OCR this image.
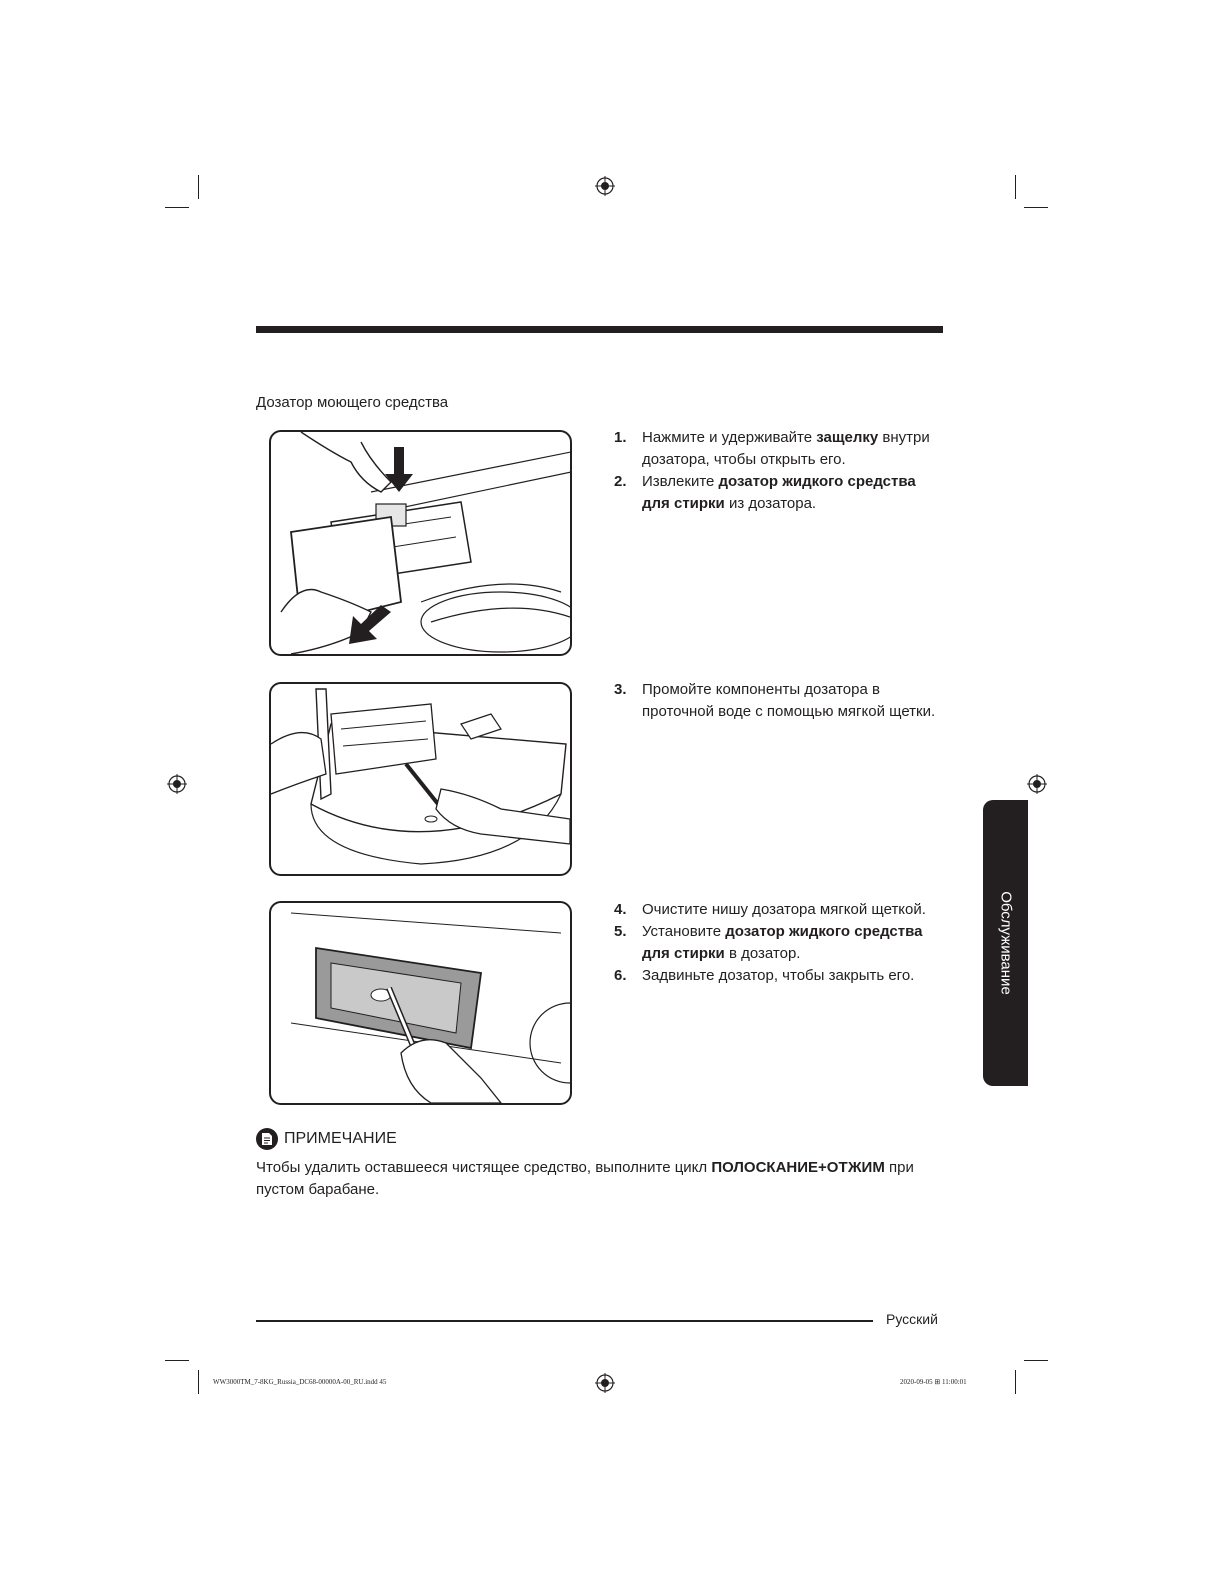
Дозатор моющего средства

1. Нажмите и удерживайте защелку внутри дозатора, чтобы открыть его.

2. Извлеките дозатор жидкого средства для стирки из дозатора.

3. Промойте компоненты дозатора в проточной воде с помощью мягкой щетки.

4. Очистите нишу дозатора мягкой щеткой.

5. Установите дозатор жидкого средства для стирки в дозатор.

6. Задвиньте дозатор, чтобы закрыть его.

ПРИМЕЧАНИЕ
Чтобы удалить оставшееся чистящее средство, выполните цикл ПОЛОСКАНИЕ+ОТЖИМ при пустом барабане.
Обслуживание
Русский
WW3000TM_7-8KG_Russia_DC68-00000A-00_RU.indd 45	2020-09-05 ⊞ 11:00:01
